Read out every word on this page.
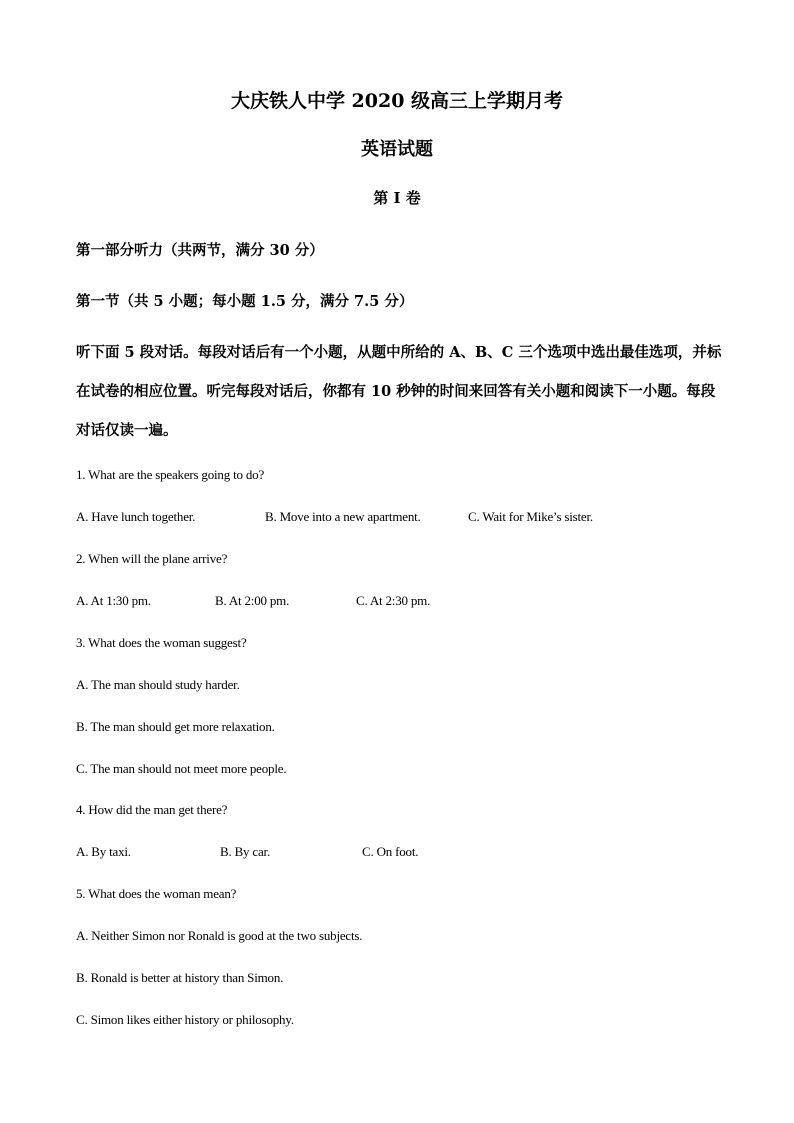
大庆铁人中学 2020 级高三上学期月考
英语试题
第 I 卷
第一部分听力（共两节，满分 30 分）
第一节（共 5 小题；每小题 1.5 分，满分 7.5 分）
听下面 5 段对话。每段对话后有一个小题，从题中所给的 A、B、C 三个选项中选出最佳选项，并标在试卷的相应位置。听完每段对话后，你都有 10 秒钟的时间来回答有关小题和阅读下一小题。每段对话仅读一遍。
1. What are the speakers going to do?
A. Have lunch together.	B. Move into a new apartment.	C. Wait for Mike’s sister.
2. When will the plane arrive?
A. At 1:30 pm.	B. At 2:00 pm.	C. At 2:30 pm.
3. What does the woman suggest?
A. The man should study harder.
B. The man should get more relaxation.
C. The man should not meet more people.
4. How did the man get there?
A. By taxi.	B. By car.	C. On foot.
5. What does the woman mean?
A. Neither Simon nor Ronald is good at the two subjects.
B. Ronald is better at history than Simon.
C. Simon likes either history or philosophy.
